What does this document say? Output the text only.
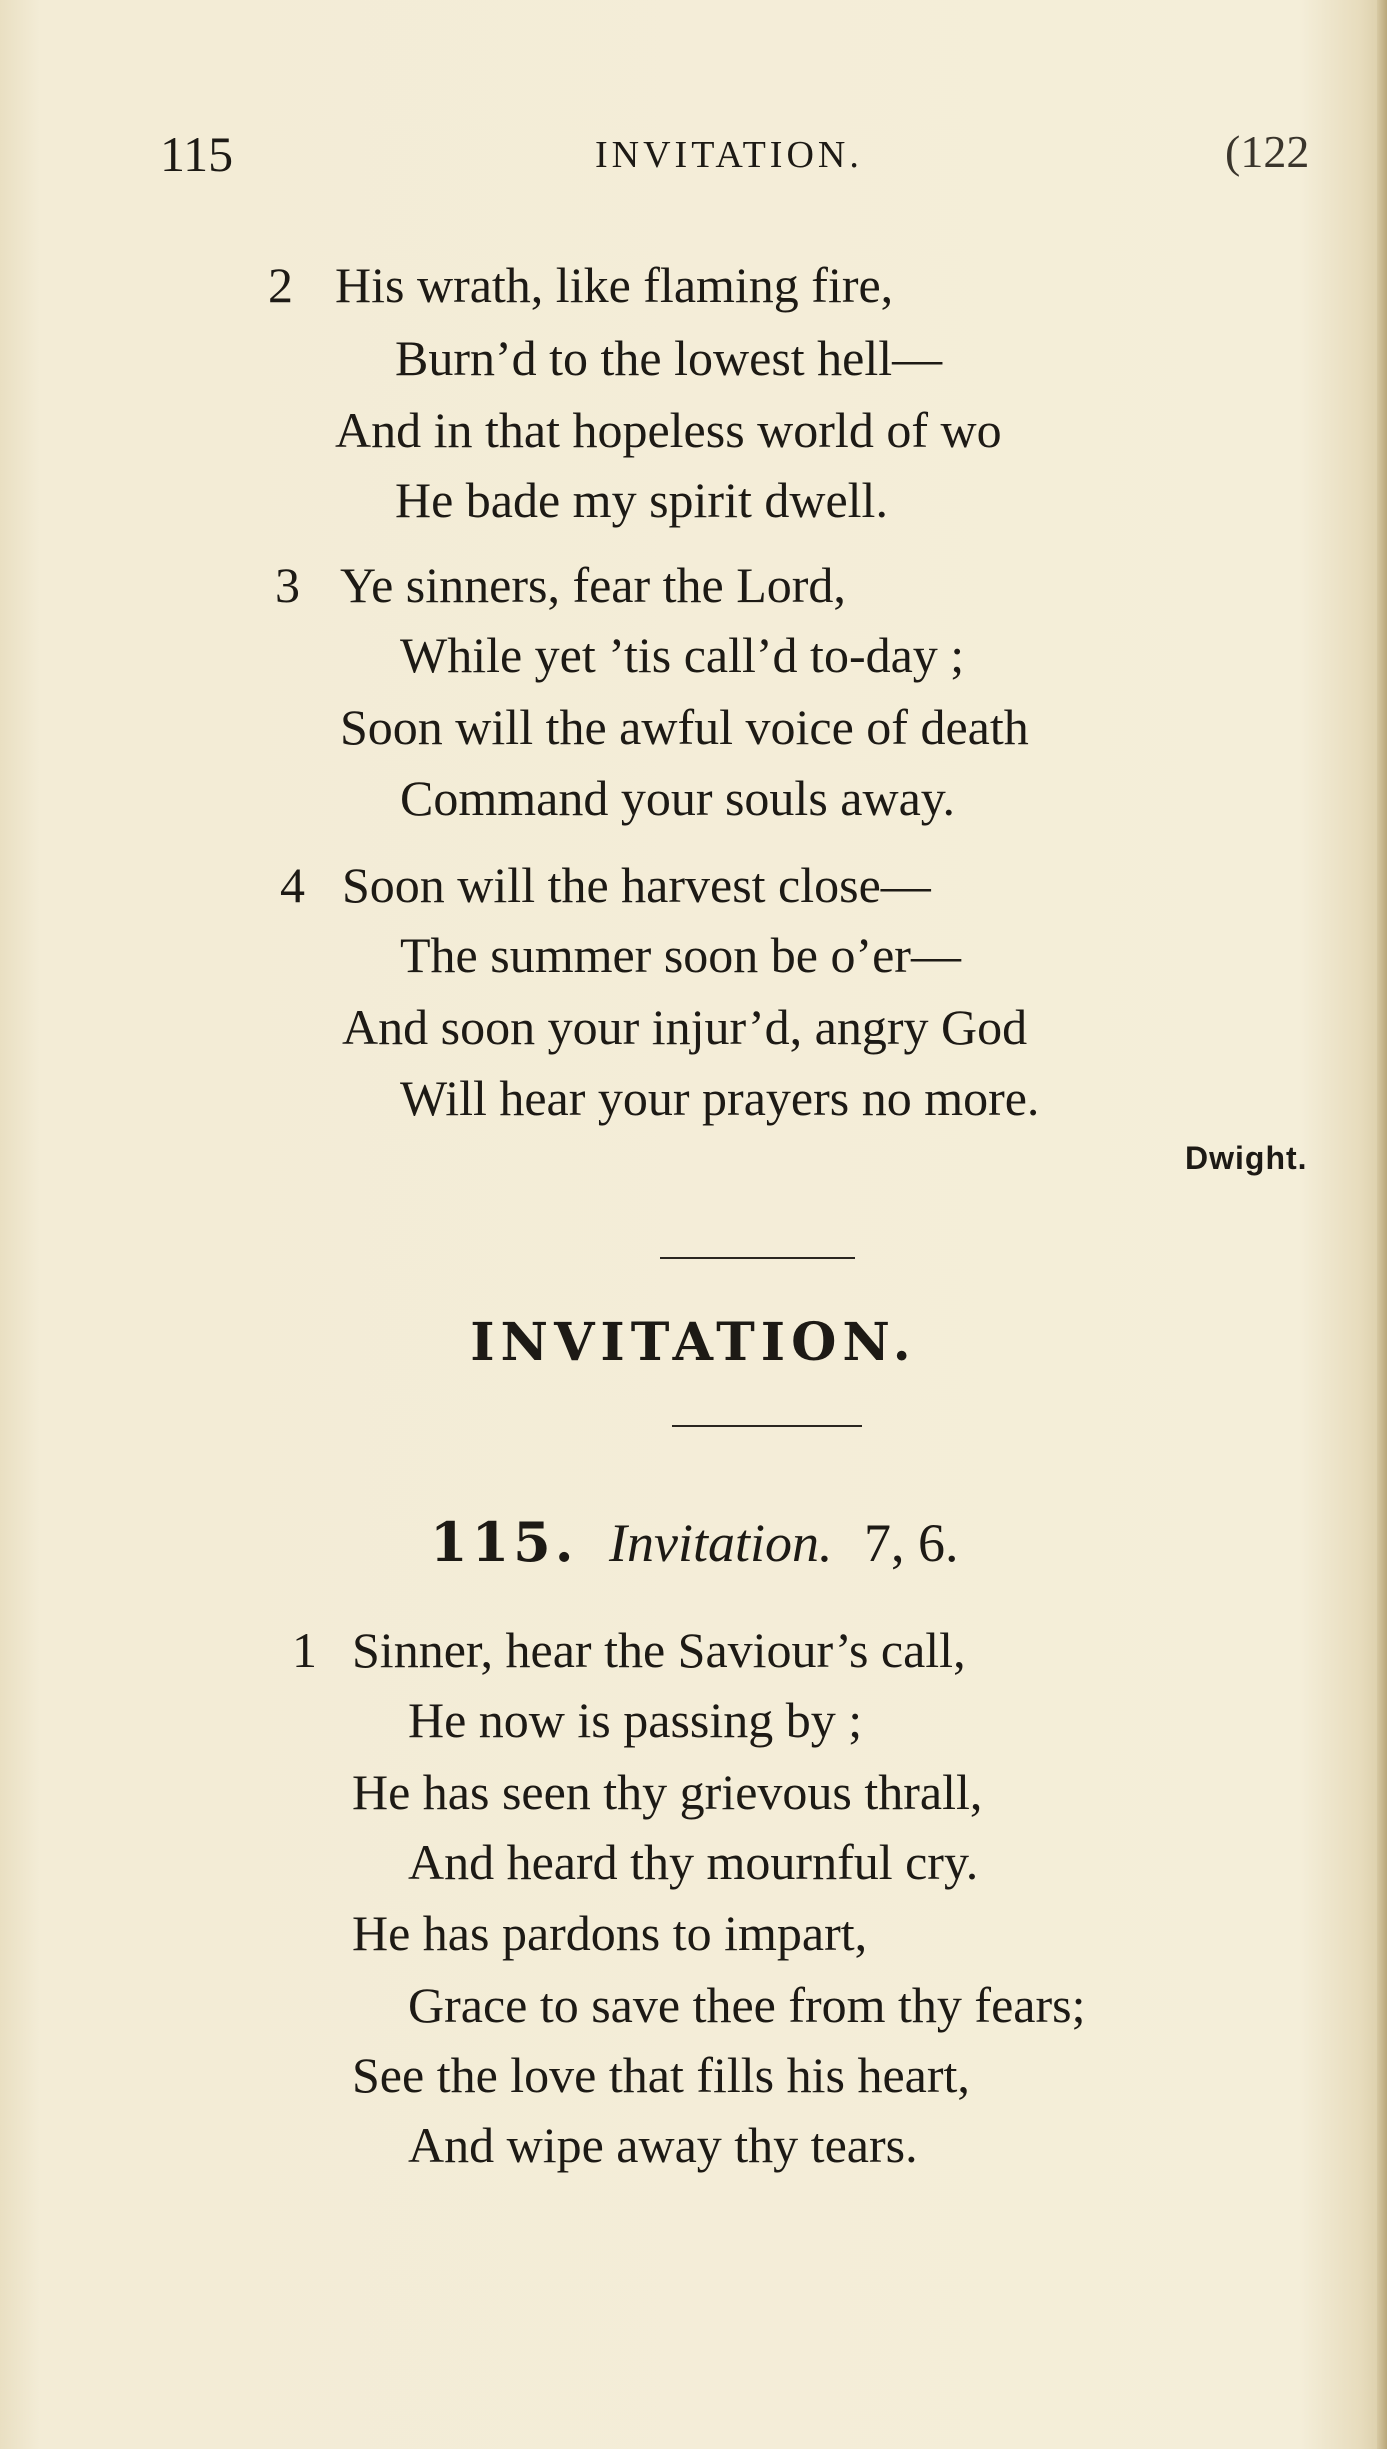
115	INVITATION.	(122
2 His wrath, like flaming fire,
Burn’d to the lowest hell—
And in that hopeless world of wo
He bade my spirit dwell.
3 Ye sinners, fear the Lord,
While yet ’tis call’d to-day ;
Soon will the awful voice of death
Command your souls away.
4 Soon will the harvest close—
The summer soon be o’er—
And soon your injur’d, angry God
Will hear your prayers no more.
Dwight.
INVITATION.
115. Invitation. 7, 6.
1 Sinner, hear the Saviour’s call,
He now is passing by ;
He has seen thy grievous thrall,
And heard thy mournful cry.
He has pardons to impart,
Grace to save thee from thy fears;
See the love that fills his heart,
And wipe away thy tears.
